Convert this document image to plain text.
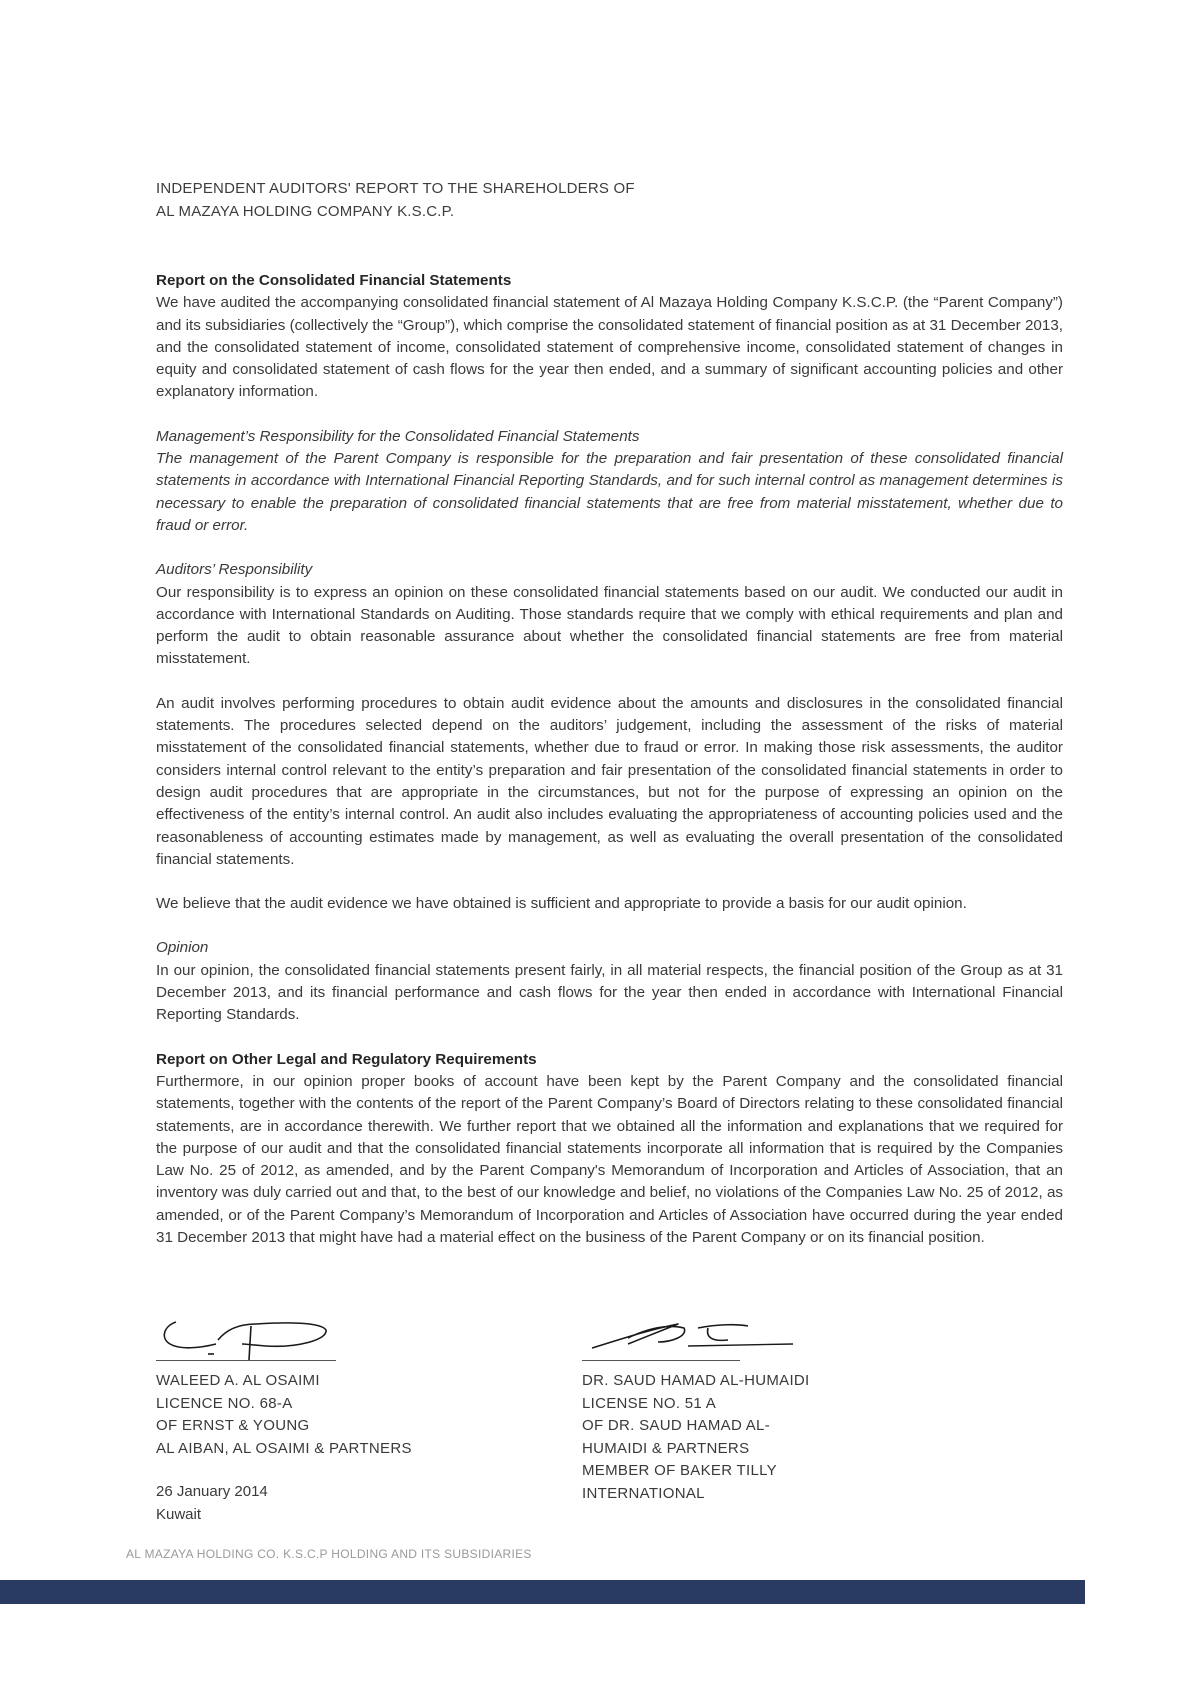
INDEPENDENT AUDITORS' REPORT TO THE SHAREHOLDERS OF
AL MAZAYA HOLDING COMPANY K.S.C.P.

Report on the Consolidated Financial Statements

We have audited the accompanying consolidated financial statement of Al Mazaya Holding Company K.S.C.P. (the “Parent Company”) and its subsidiaries (collectively the “Group”), which comprise the consolidated statement of financial position as at 31 December 2013, and the consolidated statement of income, consolidated statement of comprehensive income, consolidated statement of changes in equity and consolidated statement of cash flows for the year then ended, and a summary of significant accounting policies and other explanatory information.

Management’s Responsibility for the Consolidated Financial Statements

The management of the Parent Company is responsible for the preparation and fair presentation of these consolidated financial statements in accordance with International Financial Reporting Standards, and for such internal control as management determines is necessary to enable the preparation of consolidated financial statements that are free from material misstatement, whether due to fraud or error.

Auditors’ Responsibility

Our responsibility is to express an opinion on these consolidated financial statements based on our audit. We conducted our audit in accordance with International Standards on Auditing. Those standards require that we comply with ethical requirements and plan and perform the audit to obtain reasonable assurance about whether the consolidated financial statements are free from material misstatement.

An audit involves performing procedures to obtain audit evidence about the amounts and disclosures in the consolidated financial statements. The procedures selected depend on the auditors’ judgement, including the assessment of the risks of material misstatement of the consolidated financial statements, whether due to fraud or error. In making those risk assessments, the auditor considers internal control relevant to the entity’s preparation and fair presentation of the consolidated financial statements in order to design audit procedures that are appropriate in the circumstances, but not for the purpose of expressing an opinion on the effectiveness of the entity’s internal control. An audit also includes evaluating the appropriateness of accounting policies used and the reasonableness of accounting estimates made by management, as well as evaluating the overall presentation of the consolidated financial statements.

We believe that the audit evidence we have obtained is sufficient and appropriate to provide a basis for our audit opinion.

Opinion

In our opinion, the consolidated financial statements present fairly, in all material respects, the financial position of the Group as at 31 December 2013, and its financial performance and cash flows for the year then ended in accordance with International Financial Reporting Standards.

Report on Other Legal and Regulatory Requirements

Furthermore, in our opinion proper books of account have been kept by the Parent Company and the consolidated financial statements, together with the contents of the report of the Parent Company’s Board of Directors relating to these consolidated financial statements, are in accordance therewith. We further report that we obtained all the information and explanations that we required for the purpose of our audit and that the consolidated financial statements incorporate all information that is required by the Companies Law No. 25 of 2012, as amended, and by the Parent Company's Memorandum of Incorporation and Articles of Association, that an inventory was duly carried out and that, to the best of our knowledge and belief, no violations of the Companies Law No. 25 of 2012, as amended, or of the Parent Company’s Memorandum of Incorporation and Articles of Association have occurred during the year ended 31 December 2013 that might have had a material effect on the business of the Parent Company or on its financial position.

WALEED A. AL OSAIMI
LICENCE NO. 68-A
OF ERNST & YOUNG
AL AIBAN, AL OSAIMI & PARTNERS
DR. SAUD HAMAD AL-HUMAIDI
LICENSE NO. 51 A
OF DR. SAUD HAMAD AL-
HUMAIDI & PARTNERS
MEMBER OF BAKER TILLY
INTERNATIONAL
26 January 2014
Kuwait
AL MAZAYA HOLDING CO. K.S.C.P HOLDING AND ITS SUBSIDIARIES
